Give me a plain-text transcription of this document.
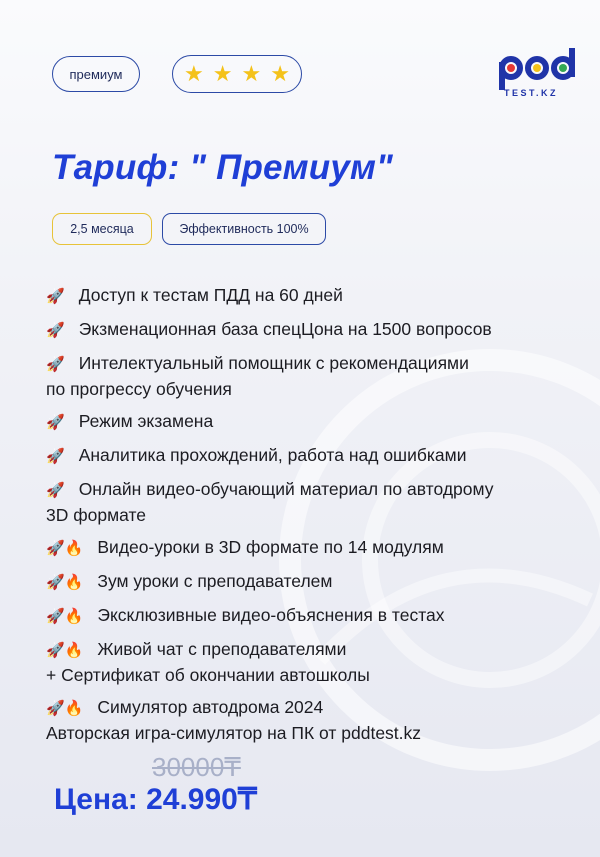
премиум	★ ★ ★ ★
TEST.KZ
Тариф: " Премиум"
2,5 месяца	Эффективность 100%
🚀 Доступ к тестам ПДД на 60 дней
🚀 Экзменационная база спецЦона на 1500 вопросов
🚀 Интелектуальный помощник с рекомендациями
по прогрессу обучения
🚀 Режим экзамена
🚀 Аналитика прохождений, работа над ошибками
🚀 Онлайн видео-обучающий материал по автодрому
3D формате
🚀🔥 Видео-уроки в 3D формате по 14 модулям
🚀🔥 Зум уроки с преподавателем
🚀🔥 Эксклюзивные видео-объяснения в тестах
🚀🔥 Живой чат с преподавателями
+ Сертификат об окончании автошколы
🚀🔥 Симулятор автодрома 2024
Авторская игра-симулятор на ПК от pddtest.kz
30000₸
Цена: 24.990₸
